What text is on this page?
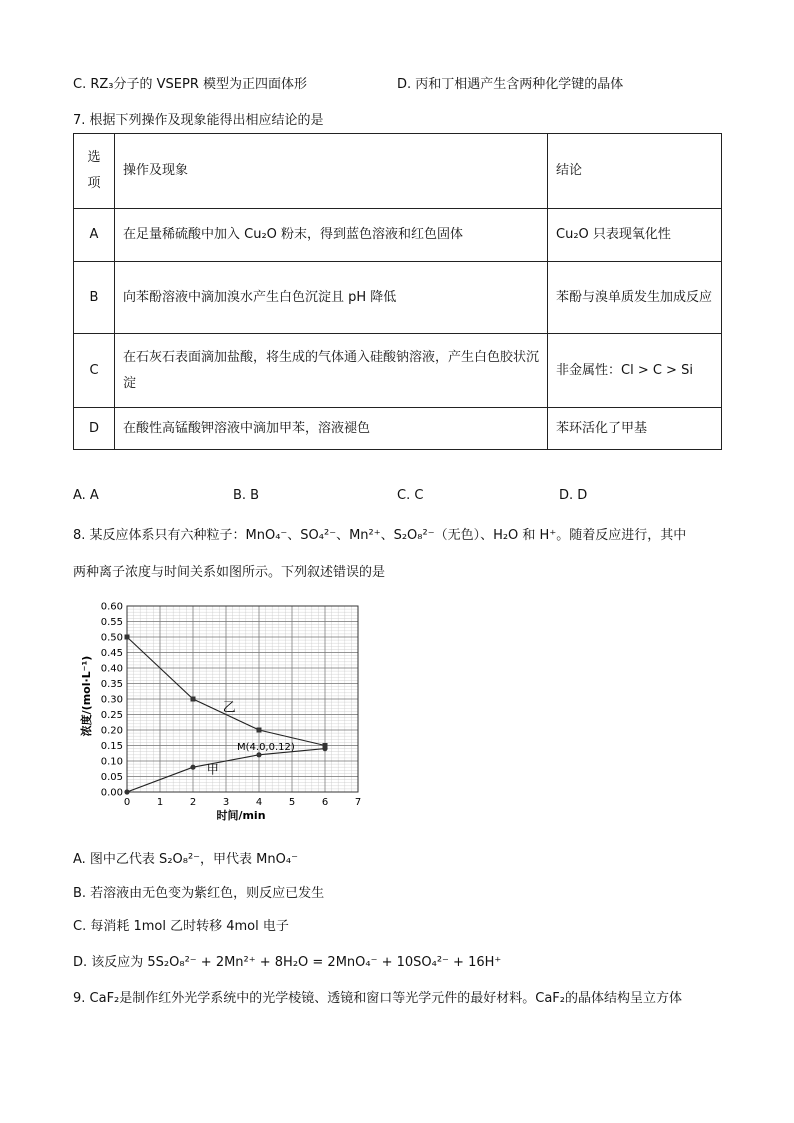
C. RZ₃分子的 VSEPR 模型为正四面体形	D. 丙和丁相遇产生含两种化学键的晶体
7. 根据下列操作及现象能得出相应结论的是
选项	操作及现象	结论
A	在足量稀硫酸中加入 Cu₂O 粉末，得到蓝色溶液和红色固体	Cu₂O 只表现氧化性
B	向苯酚溶液中滴加溴水产生白色沉淀且 pH 降低	苯酚与溴单质发生加成反应
C	在石灰石表面滴加盐酸，将生成的气体通入硅酸钠溶液，产生白色胶状沉淀	非金属性：Cl > C > Si
D	在酸性高锰酸钾溶液中滴加甲苯，溶液褪色	苯环活化了甲基
A. A	B. B	C. C	D. D
8. 某反应体系只有六种粒子：MnO₄⁻、SO₄²⁻、Mn²⁺、S₂O₈²⁻（无色）、H₂O 和 H⁺。随着反应进行，其中
两种离子浓度与时间关系如图所示。下列叙述错误的是
0.00
0.05
0.10
0.15
0.20
0.25
0.30
0.35
0.40
0.45
0.50
0.55
0.60
0	1	2	3	4	5	6	7
乙
甲
M(4.0,0.12)
浓度/(mol·L⁻¹)
时间/min
A. 图中乙代表 S₂O₈²⁻，甲代表 MnO₄⁻
B. 若溶液由无色变为紫红色，则反应已发生
C. 每消耗 1mol 乙时转移 4mol 电子
D. 该反应为 5S₂O₈²⁻ + 2Mn²⁺ + 8H₂O = 2MnO₄⁻ + 10SO₄²⁻ + 16H⁺
9. CaF₂是制作红外光学系统中的光学棱镜、透镜和窗口等光学元件的最好材料。CaF₂的晶体结构呈立方体
